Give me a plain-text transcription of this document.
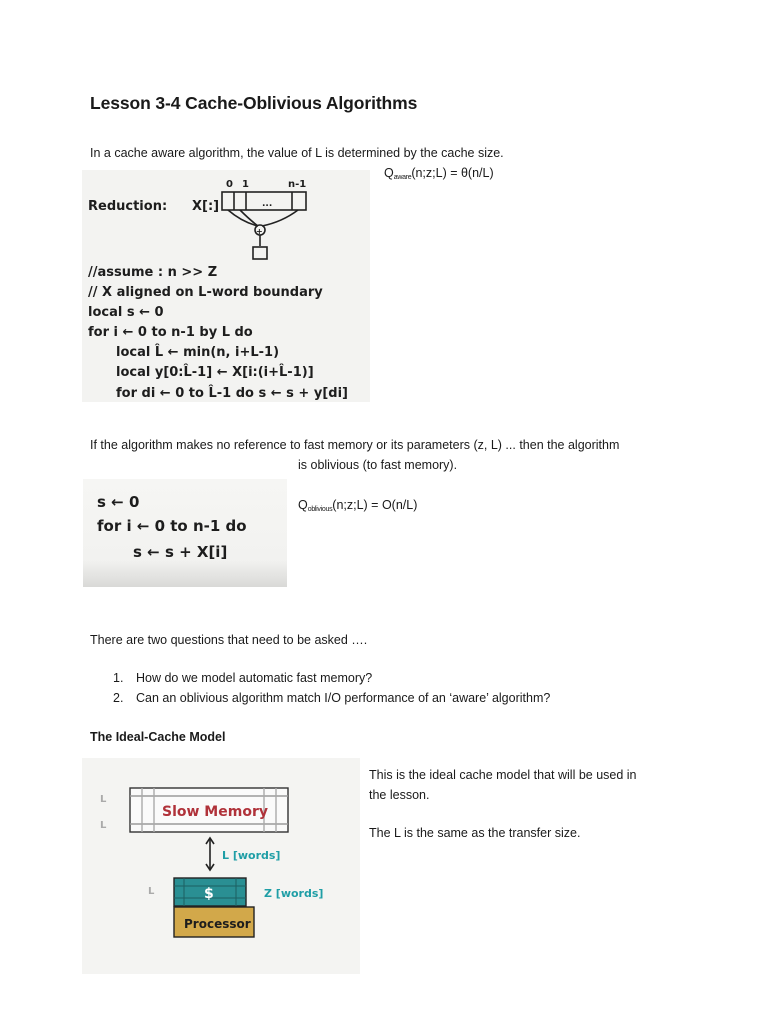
Lesson 3-4 Cache-Oblivious Algorithms
In a cache aware algorithm, the value of L is determined by the cache size.
$Q_{aware}(n;z;L) = \theta(n/L)$
Reduction: X[:]
0 1	n-1
...
+
//assume : n >> Z
// X aligned on L-word boundary
local s ← 0
for i ← 0 to n-1 by L do
local L̂ ← min(n, i+L-1)
local y[0:L̂-1] ← X[i:(i+L̂-1)]
for di ← 0 to L̂-1 do s ← s + y[di]
If the algorithm makes no reference to fast memory or its parameters (z, L) ... then the algorithm
is oblivious (to fast memory).
s ← 0
for i ← 0 to n-1 do
s ← s + X[i]
$Q_{oblivious}(n;z;L) = O(n/L)$
There are two questions that need to be asked ….
1. How do we model automatic fast memory?
2. Can an oblivious algorithm match I/O performance of an ‘aware’ algorithm?
The Ideal-Cache Model
L
L
Slow Memory
L [words]
L	$	Z [words]
Processor
This is the ideal cache model that will be used in
the lesson.
The L is the same as the transfer size.
